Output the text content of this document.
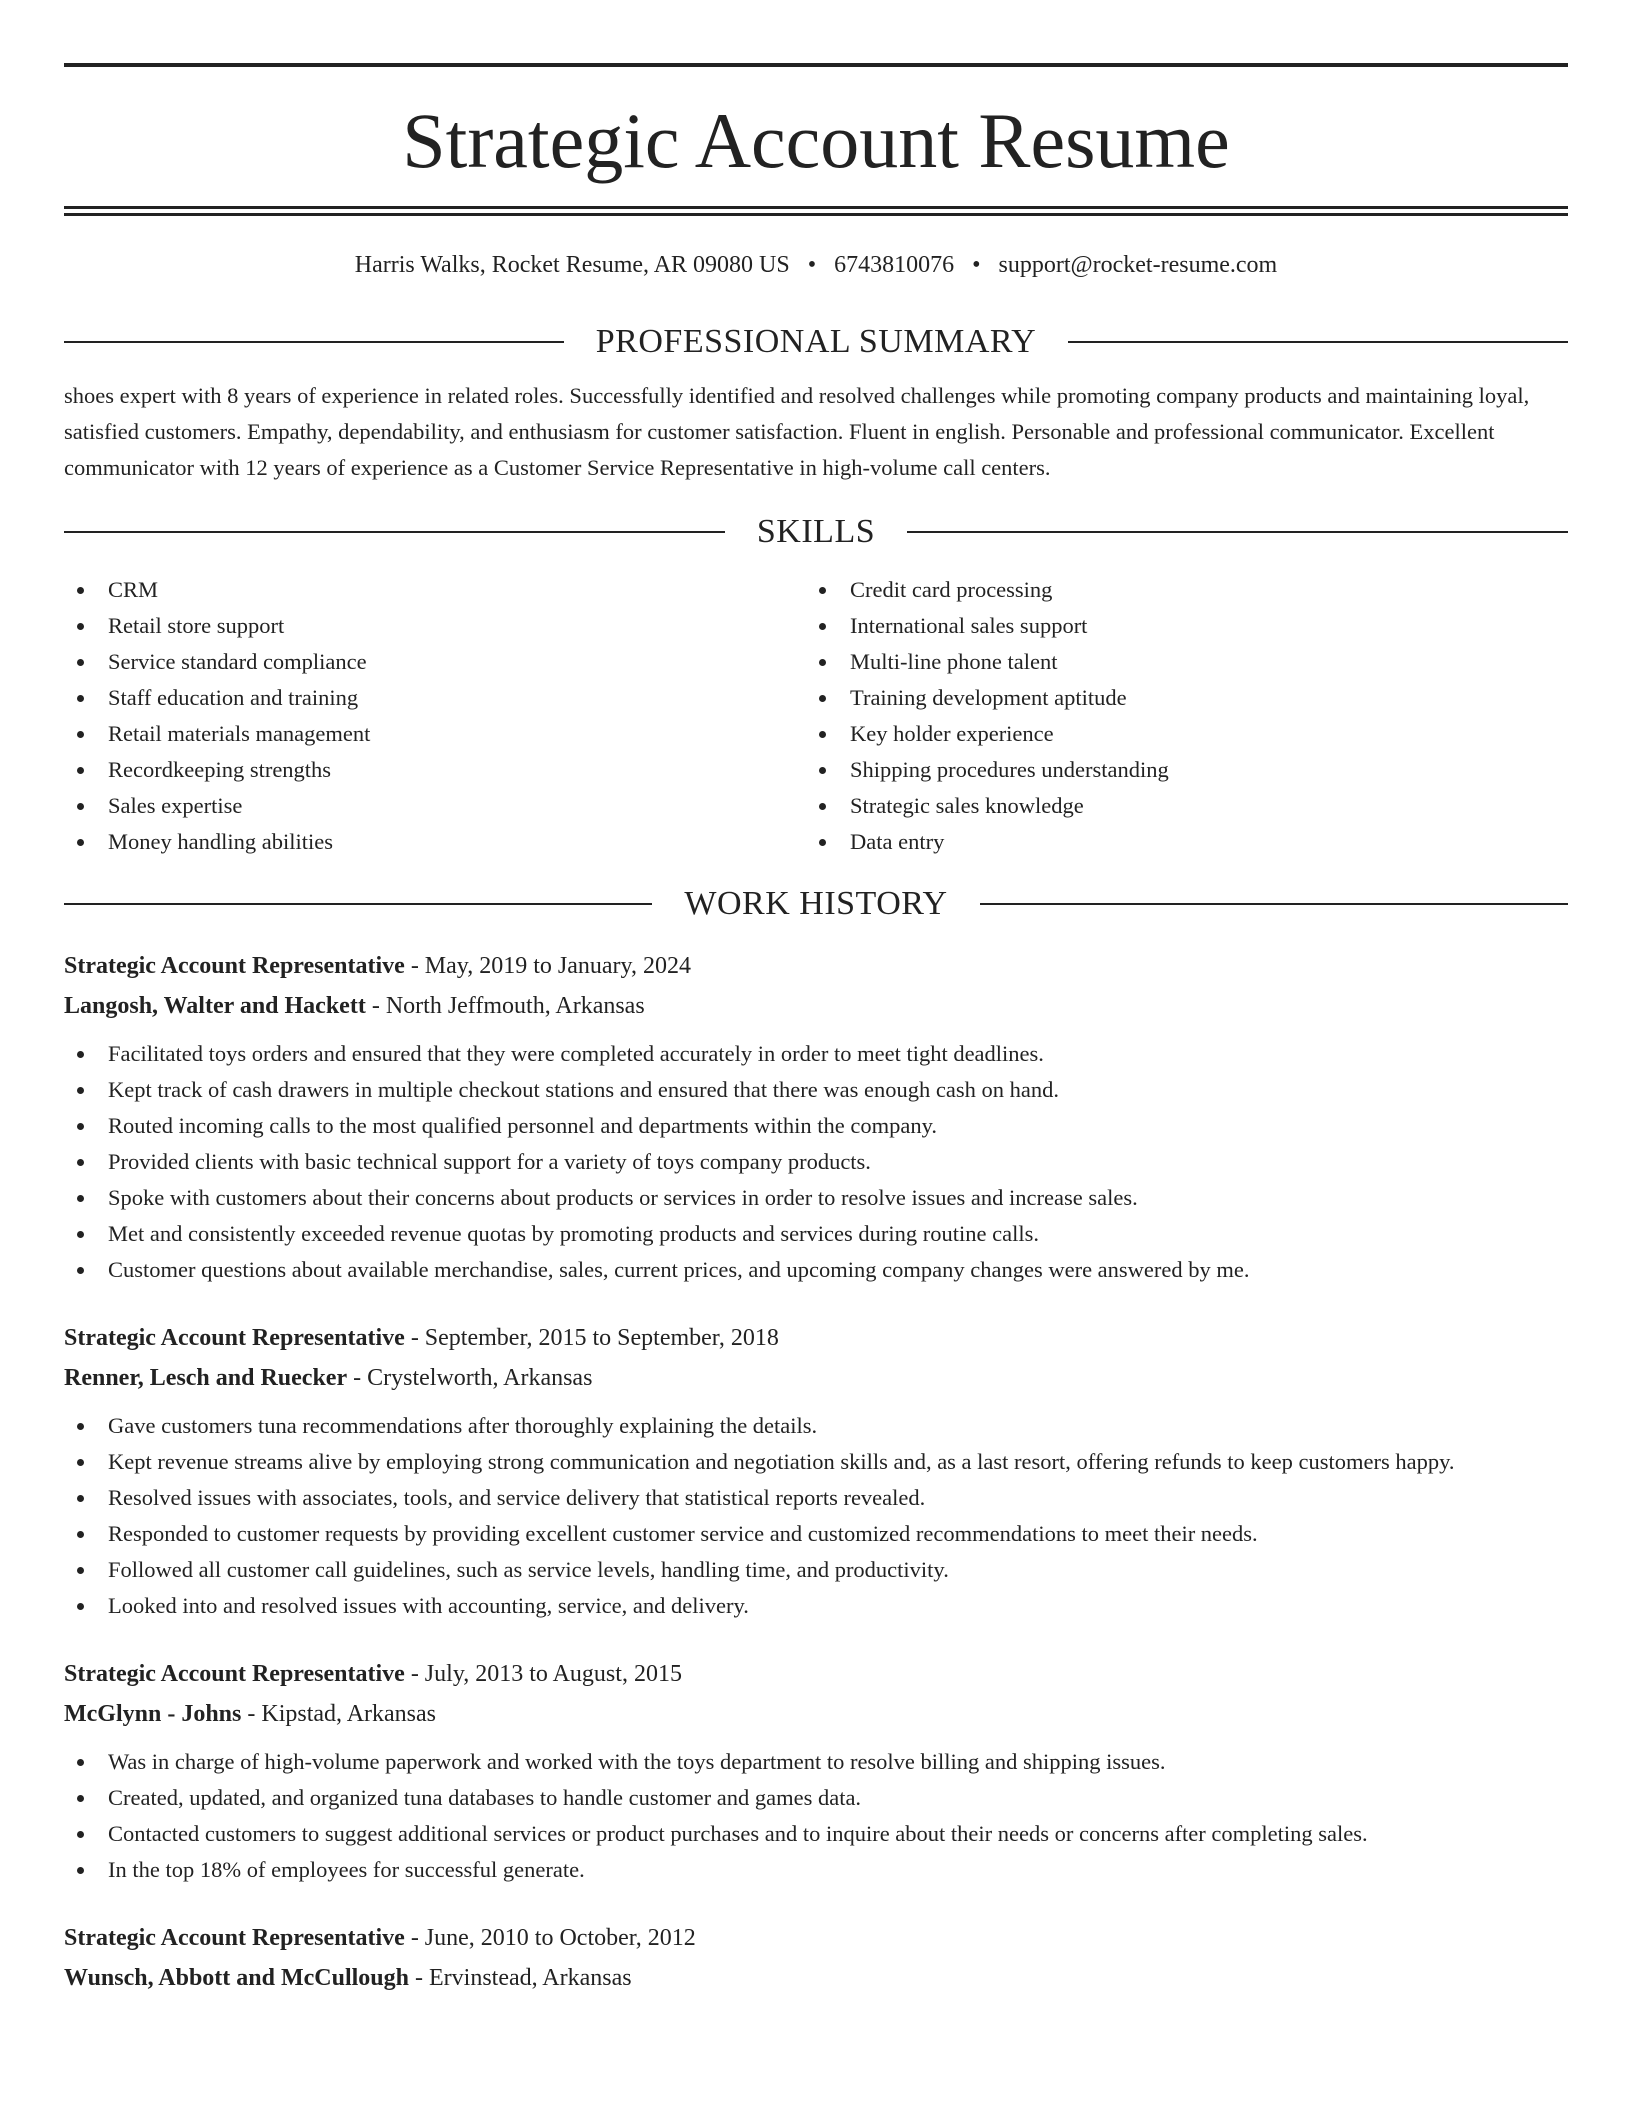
Strategic Account Resume
Harris Walks, Rocket Resume, AR 09080 US • 6743810076 • support@rocket-resume.com
PROFESSIONAL SUMMARY
shoes expert with 8 years of experience in related roles. Successfully identified and resolved challenges while promoting company products and maintaining loyal, satisfied customers. Empathy, dependability, and enthusiasm for customer satisfaction. Fluent in english. Personable and professional communicator. Excellent communicator with 12 years of experience as a Customer Service Representative in high-volume call centers.
SKILLS
CRM
Retail store support
Service standard compliance
Staff education and training
Retail materials management
Recordkeeping strengths
Sales expertise
Money handling abilities
Credit card processing
International sales support
Multi-line phone talent
Training development aptitude
Key holder experience
Shipping procedures understanding
Strategic sales knowledge
Data entry
WORK HISTORY
Strategic Account Representative - May, 2019 to January, 2024
Langosh, Walter and Hackett - North Jeffmouth, Arkansas
Facilitated toys orders and ensured that they were completed accurately in order to meet tight deadlines.
Kept track of cash drawers in multiple checkout stations and ensured that there was enough cash on hand.
Routed incoming calls to the most qualified personnel and departments within the company.
Provided clients with basic technical support for a variety of toys company products.
Spoke with customers about their concerns about products or services in order to resolve issues and increase sales.
Met and consistently exceeded revenue quotas by promoting products and services during routine calls.
Customer questions about available merchandise, sales, current prices, and upcoming company changes were answered by me.
Strategic Account Representative - September, 2015 to September, 2018
Renner, Lesch and Ruecker - Crystelworth, Arkansas
Gave customers tuna recommendations after thoroughly explaining the details.
Kept revenue streams alive by employing strong communication and negotiation skills and, as a last resort, offering refunds to keep customers happy.
Resolved issues with associates, tools, and service delivery that statistical reports revealed.
Responded to customer requests by providing excellent customer service and customized recommendations to meet their needs.
Followed all customer call guidelines, such as service levels, handling time, and productivity.
Looked into and resolved issues with accounting, service, and delivery.
Strategic Account Representative - July, 2013 to August, 2015
McGlynn - Johns - Kipstad, Arkansas
Was in charge of high-volume paperwork and worked with the toys department to resolve billing and shipping issues.
Created, updated, and organized tuna databases to handle customer and games data.
Contacted customers to suggest additional services or product purchases and to inquire about their needs or concerns after completing sales.
In the top 18% of employees for successful generate.
Strategic Account Representative - June, 2010 to October, 2012
Wunsch, Abbott and McCullough - Ervinstead, Arkansas
